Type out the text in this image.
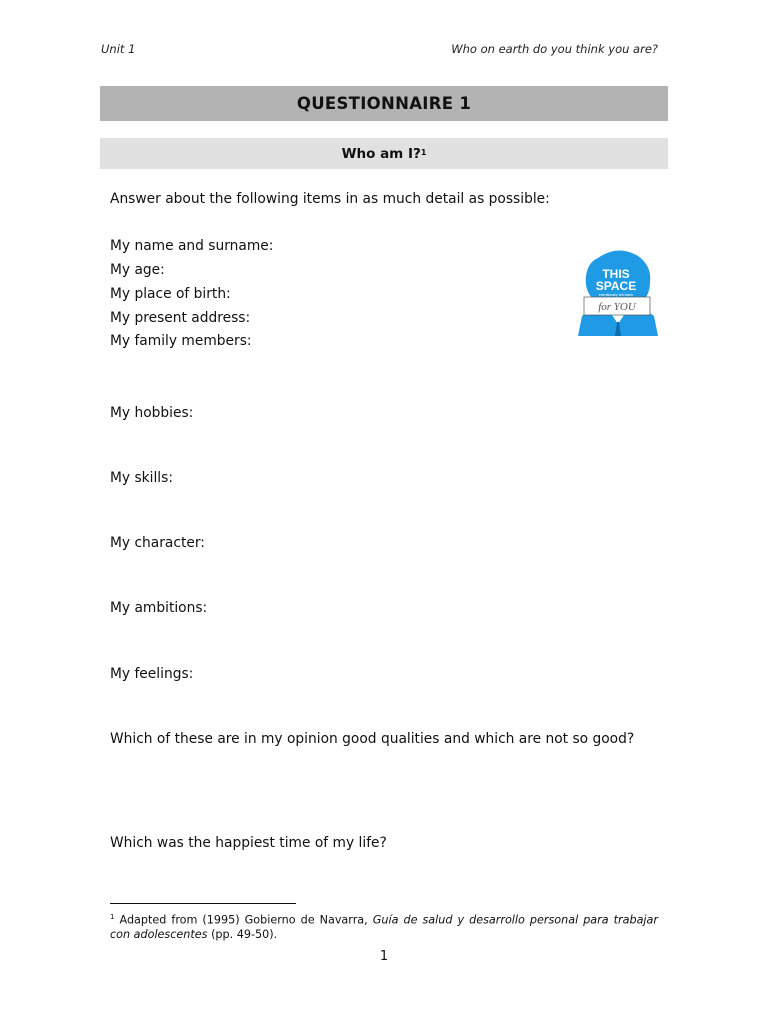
Unit 1	Who on earth do you think you are?
QUESTIONNAIRE 1
Who am I?$^1$
Answer about the following items in as much detail as possible:
My name and surname:
My age:
My place of birth:
My present address:
My family members:
My hobbies:
My skills:
My character:
My ambitions:
My feelings:
Which of these are in my opinion good qualities and which are not so good?
Which was the happiest time of my life?
THIS
SPACE
intentionally left blank
for YOU
$^1$ Adapted from (1995) Gobierno de Navarra, Guía de salud y desarrollo personal para trabajar con adolescentes (pp. 49-50).
1
